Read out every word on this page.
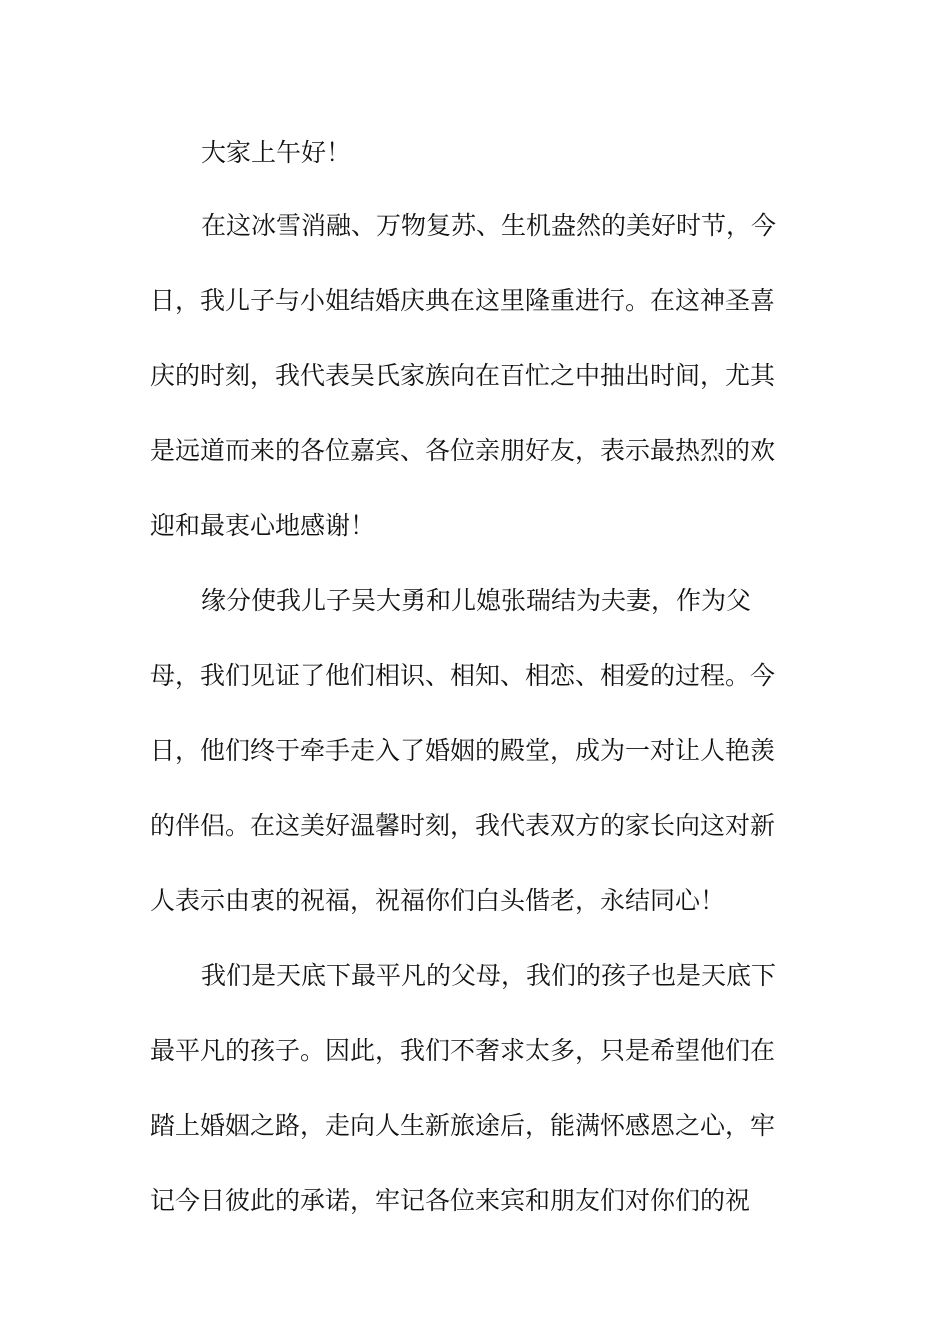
大家上午好！
在这冰雪消融、万物复苏、生机盎然的美好时节，今
日，我儿子与小姐结婚庆典在这里隆重进行。在这神圣喜
庆的时刻，我代表吴氏家族向在百忙之中抽出时间，尤其
是远道而来的各位嘉宾、各位亲朋好友，表示最热烈的欢
迎和最衷心地感谢！
缘分使我儿子吴大勇和儿媳张瑞结为夫妻，作为父
母，我们见证了他们相识、相知、相恋、相爱的过程。今
日，他们终于牵手走入了婚姻的殿堂，成为一对让人艳羡
的伴侣。在这美好温馨时刻，我代表双方的家长向这对新
人表示由衷的祝福，祝福你们白头偕老，永结同心！
我们是天底下最平凡的父母，我们的孩子也是天底下
最平凡的孩子。因此，我们不奢求太多，只是希望他们在
踏上婚姻之路，走向人生新旅途后，能满怀感恩之心，牢
记今日彼此的承诺，牢记各位来宾和朋友们对你们的祝
